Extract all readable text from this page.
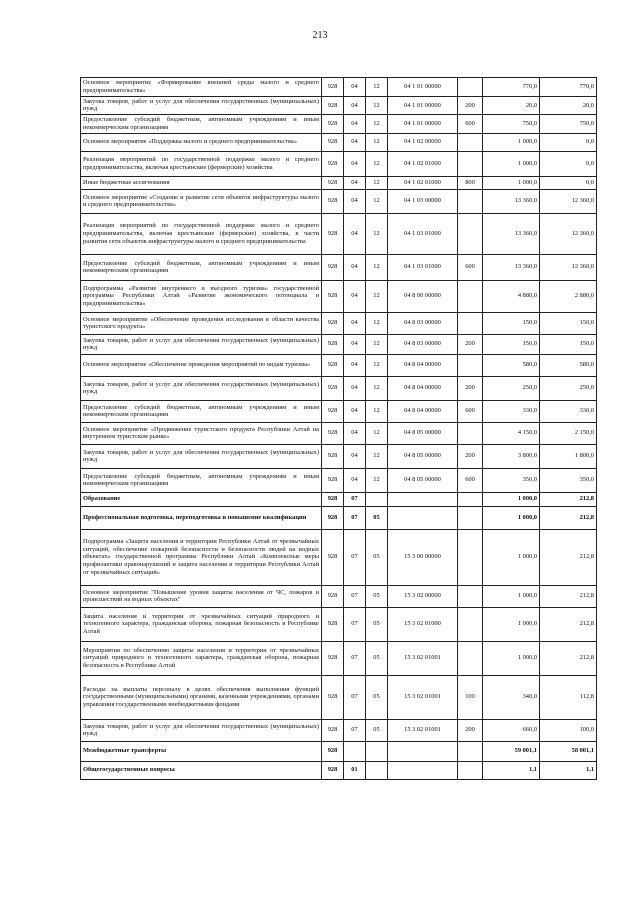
213
Основное мероприятие «Формирование внешней среды малого и среднего предпринимательства»	928	04	12	04 1 01 00000		770,0	770,0
Закупка товаров, работ и услуг для обеспечения государственных (муниципальных) нужд	928	04	12	04 1 01 00000	200	20,0	20,0
Предоставление субсидий бюджетным, автономным учреждениям и иным некоммерческим организациям	928	04	12	04 1 01 00000	600	750,0	750,0
Основное мероприятие «Поддержка малого и среднего предпринимательства»	928	04	12	04 1 02 00000		1 000,0	0,0
Реализация мероприятий по государственной поддержке малого и среднего предпринимательства, включая крестьянские (фермерские) хозяйства	928	04	12	04 1 02 01000		1 000,0	0,0
Иные бюджетные ассигнования	928	04	12	04 1 02 01000	800	1 000,0	0,0
Основное мероприятие «Создание и развитие сети объектов инфраструктуры малого и среднего предпринимательства»	928	04	12	04 1 03 00000		13 360,0	12 360,0
Реализация мероприятий по государственной поддержке малого и среднего предпринимательства, включая крестьянские (фермерские) хозяйства, в части развития сети объектов инфраструктуры малого и среднего предпринимательства	928	04	12	04 1 03 01000		13 360,0	12 360,0
Предоставление субсидий бюджетным, автономным учреждениям и иным некоммерческим организациям	928	04	12	04 1 03 01000	600	13 360,0	12 360,0
Подпрограмма «Развитие внутреннего и въездного туризма» государственной программы Республики Алтай «Развитие экономического потенциала и предпринимательства»	928	04	12	04 8 00 00000		4 880,0	2 880,0
Основное мероприятие «Обеспечение проведения исследования в области качества туристского продукта»	928	04	12	04 8 03 00000		150,0	150,0
Закупка товаров, работ и услуг для обеспечения государственных (муниципальных) нужд	928	04	12	04 8 03 00000	200	150,0	150,0
Основное мероприятие «Обеспечение проведения мероприятий по видам туризма»	928	04	12	04 8 04 00000		580,0	580,0
Закупка товаров, работ и услуг для обеспечения государственных (муниципальных) нужд	928	04	12	04 8 04 00000	200	250,0	250,0
Предоставление субсидий бюджетным, автономным учреждениям и иным некоммерческим организациям	928	04	12	04 8 04 00000	600	330,0	330,0
Основное мероприятие «Продвижение туристского продукта Республики Алтай на внутреннем туристском рынке»	928	04	12	04 8 05 00000		4 150,0	2 150,0
Закупка товаров, работ и услуг для обеспечения государственных (муниципальных) нужд	928	04	12	04 8 05 00000	200	3 800,0	1 800,0
Предоставление субсидий бюджетным, автономным учреждениям и иным некоммерческим организациям	928	04	12	04 8 05 00000	600	350,0	350,0
Образование	928	07				1 000,0	212,8
Профессиональная подготовка, переподготовка и повышение квалификации	928	07	05			1 000,0	212,8
Подпрограмма «Защита населения и территории Республики Алтай от чрезвычайных ситуаций, обеспечение пожарной безопасности и безопасности людей на водных объектах» государственной программы Республики Алтай «Комплексные меры профилактики правонарушений и защита населения и территории Республики Алтай от чрезвычайных ситуаций»	928	07	05	15 3 00 00000		1 000,0	212,8
Основное мероприятие "Повышение уровня защиты населения от ЧС, пожаров и происшествий на водных объектах"	928	07	05	15 3 02 00000		1 000,0	212,8
Защита населения и территории от чрезвычайных ситуаций природного и техногенного характера, гражданская оборона, пожарная безопасность в Республике Алтай	928	07	05	15 3 02 01000		1 000,0	212,8
Мероприятия по обеспечению защиты населения и территории от чрезвычайных ситуаций природного и техногенного характера, гражданская оборона, пожарная безопасность в Республике Алтай	928	07	05	15 3 02 01001		1 000,0	212,8
Расходы на выплаты персоналу в целях обеспечения выполнения функций государственными (муниципальными) органами, казенными учреждениями, органами управления государственными внебюджетными фондами	928	07	05	15 3 02 01001	100	340,0	112,8
Закупка товаров, работ и услуг для обеспечения государственных (муниципальных) нужд	928	07	05	15 3 02 01001	200	660,0	100,0
Межбюджетные трансферты	928					59 001,1	58 001,1
Общегосударственные вопросы	928	01				1,1	1,1
